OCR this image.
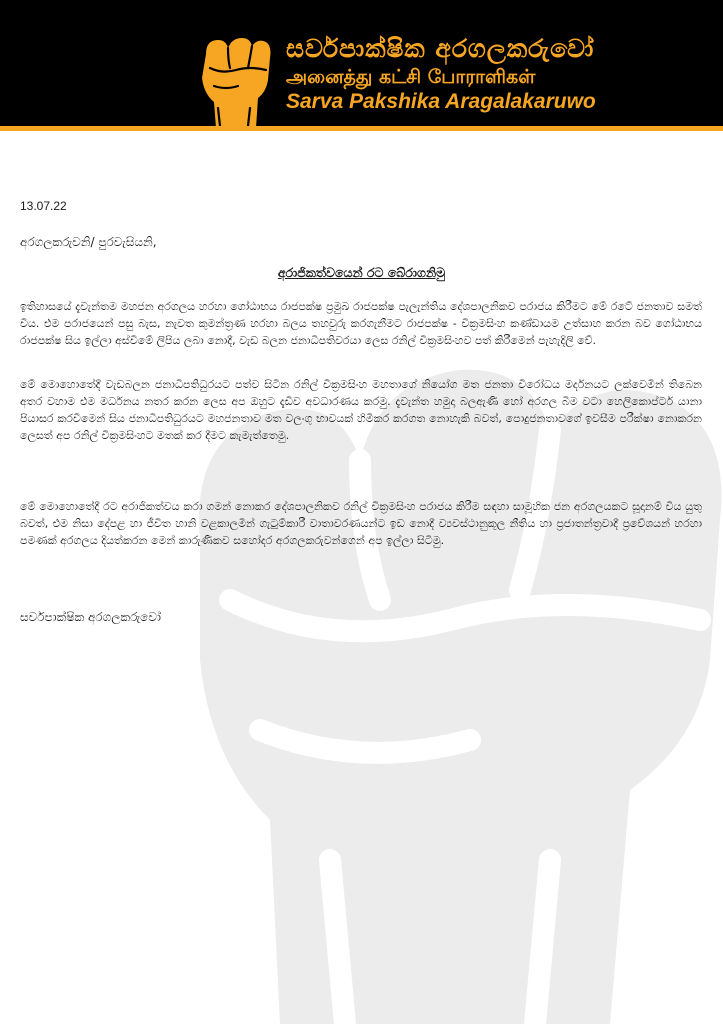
සර්වපාක්ෂික අරගලකරුවෝ
அனைத்து கட்சி போராளிகள்
Sarva Pakshika Aragalakaruwo
13.07.22
අරගලකරුවනි/ පුරවැසියනි,
අරාජිකත්වයෙන් රට බේරාගනිමු
ඉතිහාසයේ දැවැන්තම මහජන අරගලය හරහා ගෝඨාභය රාජපක්ෂ ප්‍රමුඛ රාජපක්ෂ පැලැන්තිය දේශපාලනිකව පරාජය කිරීමට මේ රටේ ජනතාව සමත් විය. එම පරාජයෙන් පසු බැස, නැවත කුමන්ත්‍රණ හරහා බලය තහවුරු කරගැනීමට රාජපක්ෂ - වික්‍රමසිංහ කණ්ඩායම උත්සාහ කරන බව ගෝඨාභය රාජපක්ෂ සිය ඉල්ලා අස්වීමේ ලිපිය ලබා නොදී, වැඩ බලන ජනාධිපතිවරයා ලෙස රනිල් වික්‍රමසිංහව පත් කිරීමෙන් පැහැදිලි වේ.
මේ මොහොතේදී වැඩබලන ජනාධිපතිධුරයට පත්ව සිටින රනිල් වික්‍රමසිංහ මහතාගේ නියෝග මත ජනතා විරෝධය මර්දනයට ලක්වෙමින් තිබෙන අතර වහාම එම මර්ධනය නතර කරන ලෙස අප ඔහුට දැඩිව අවධාරණය කරමු. දැවැන්ත හමුදා බලඇණි හෝ අරගල බිම වටා හෙලිකොප්ටර් යානා පියාසර කරවීමෙන් සිය ජනාධිපතිධුරයට මහජනතාව මත වලංගු භාවයක් හිමිකර කරගත නොහැකි බවත්, පොදුජනතාවගේ ඉවසීම පරීක්ෂා නොකරන ලෙසත් අප රනිල් වික්‍රමසිංහට මතක් කර දීමට කැමැත්තෙමු.
මේ මොහොතේදී රට අරාජිකත්වය කරා ගමන් නොකර දේශපාලනිකව රනිල් වික්‍රමසිංහ පරාජය කිරීම සඳහා සාමූහික ජන අරගලයකට සූදානම් විය යුතු බවත්, එම නිසා දේපළ හා ජීවිත හානි වළකාලමින් ගැටුම්කාරී වාතාවරණයන්ට ඉඩ නොදී ව්‍යවස්ථානුකූල නීතිය හා ප්‍රජාතන්ත්‍රවාදී ප්‍රවේශයන් හරහා පමණක් අරගලය දියත්කරන මෙන් කාරුණිකව සහෝදර අරගලකරුවන්ගෙන් අප ඉල්ලා සිටිමු.
සර්වපාක්ෂික අරගලකරුවෝ
